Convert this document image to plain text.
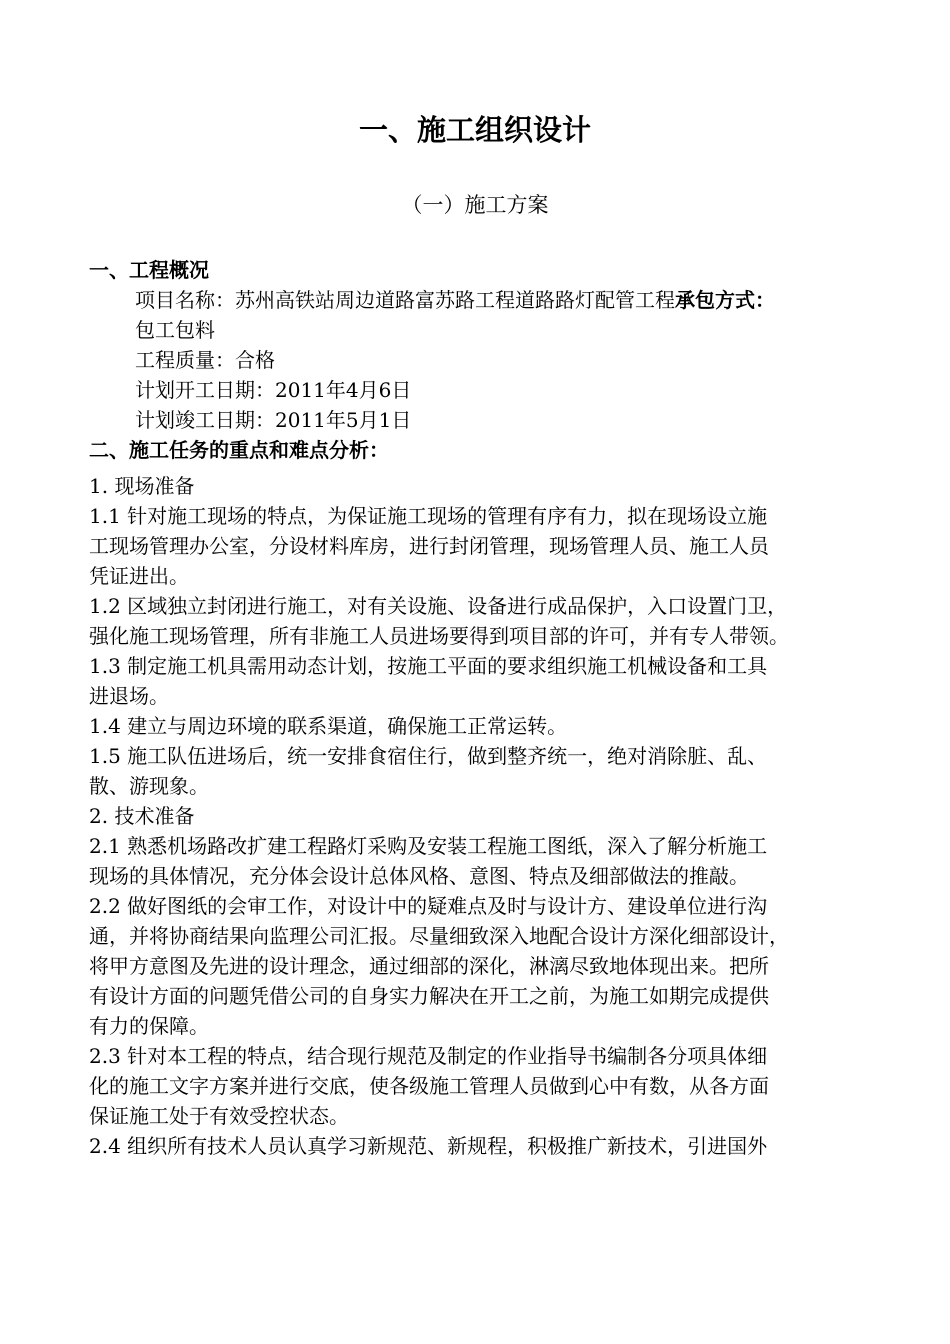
一、施工组织设计
（一）施工方案
一、工程概况
项目名称：苏州高铁站周边道路富苏路工程道路路灯配管工程承包方式：
包工包料
工程质量：合格
计划开工日期：2011年4月6日
计划竣工日期：2011年5月1日
二、施工任务的重点和难点分析：
1. 现场准备
1.1 针对施工现场的特点，为保证施工现场的管理有序有力，拟在现场设立施
工现场管理办公室，分设材料库房，进行封闭管理，现场管理人员、施工人员
凭证进出。
1.2 区域独立封闭进行施工，对有关设施、设备进行成品保护，入口设置门卫，
强化施工现场管理，所有非施工人员进场要得到项目部的许可，并有专人带领。
1.3 制定施工机具需用动态计划，按施工平面的要求组织施工机械设备和工具
进退场。
1.4 建立与周边环境的联系渠道，确保施工正常运转。
1.5 施工队伍进场后，统一安排食宿住行，做到整齐统一，绝对消除脏、乱、
散、游现象。
2. 技术准备
2.1 熟悉机场路改扩建工程路灯采购及安装工程施工图纸，深入了解分析施工
现场的具体情况，充分体会设计总体风格、意图、特点及细部做法的推敲。
2.2 做好图纸的会审工作，对设计中的疑难点及时与设计方、建设单位进行沟
通，并将协商结果向监理公司汇报。尽量细致深入地配合设计方深化细部设计，
将甲方意图及先进的设计理念，通过细部的深化，淋漓尽致地体现出来。把所
有设计方面的问题凭借公司的自身实力解决在开工之前，为施工如期完成提供
有力的保障。
2.3 针对本工程的特点，结合现行规范及制定的作业指导书编制各分项具体细
化的施工文字方案并进行交底，使各级施工管理人员做到心中有数，从各方面
保证施工处于有效受控状态。
2.4 组织所有技术人员认真学习新规范、新规程，积极推广新技术，引进国外
